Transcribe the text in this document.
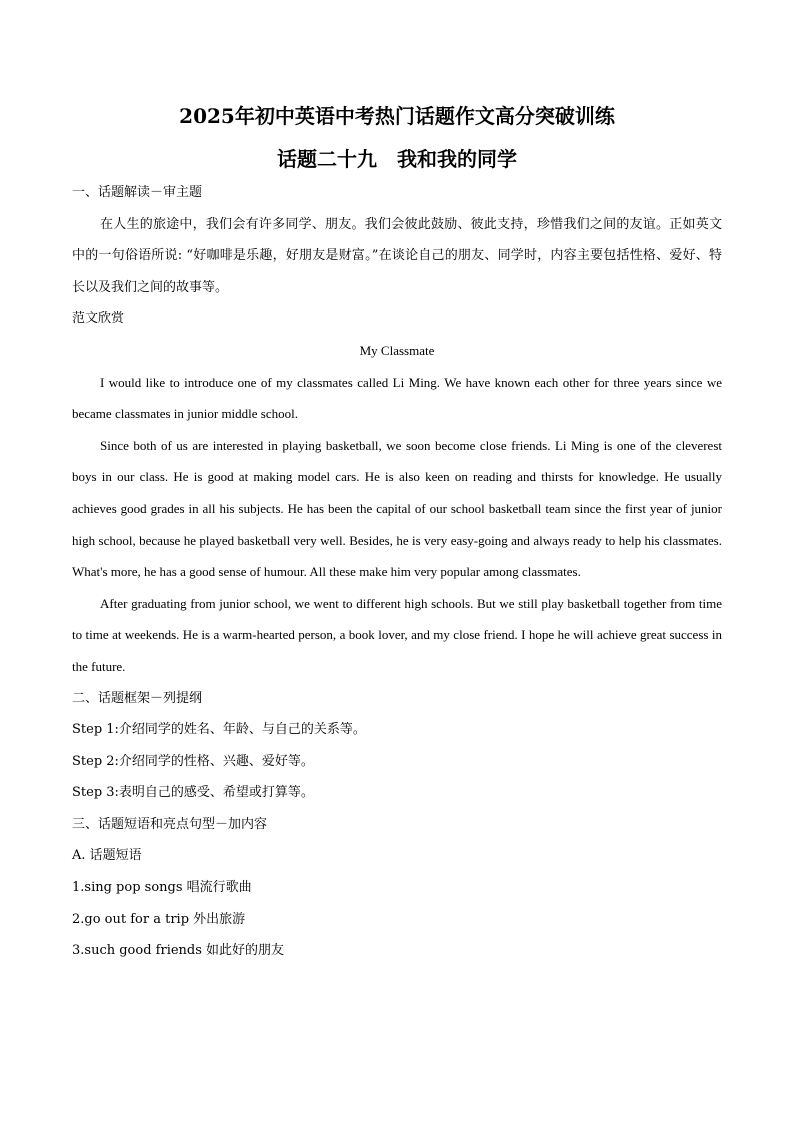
2025年初中英语中考热门话题作文高分突破训练
话题二十九　我和我的同学

一、话题解读－审主题

在人生的旅途中，我们会有许多同学、朋友。我们会彼此鼓励、彼此支持，珍惜我们之间的友谊。正如英文中的一句俗语所说: “好咖啡是乐趣，好朋友是财富。”在谈论自己的朋友、同学时，内容主要包括性格、爱好、特长以及我们之间的故事等。

范文欣赏

My Classmate

I would like to introduce one of my classmates called Li Ming. We have known each other for three years since we became classmates in junior middle school.

Since both of us are interested in playing basketball, we soon become close friends. Li Ming is one of the cleverest boys in our class. He is good at making model cars. He is also keen on reading and thirsts for knowledge. He usually achieves good grades in all his subjects. He has been the capital of our school basketball team since the first year of junior high school, because he played basketball very well. Besides, he is very easy-going and always ready to help his classmates. What's more, he has a good sense of humour. All these make him very popular among classmates.

After graduating from junior school, we went to different high schools. But we still play basketball together from time to time at weekends. He is a warm-hearted person, a book lover, and my close friend. I hope he will achieve great success in the future.

二、话题框架－列提纲

Step 1:介绍同学的姓名、年龄、与自己的关系等。

Step 2:介绍同学的性格、兴趣、爱好等。

Step 3:表明自己的感受、希望或打算等。

三、话题短语和亮点句型－加内容

A. 话题短语

1.sing pop songs 唱流行歌曲

2.go out for a trip 外出旅游

3.such good friends 如此好的朋友
